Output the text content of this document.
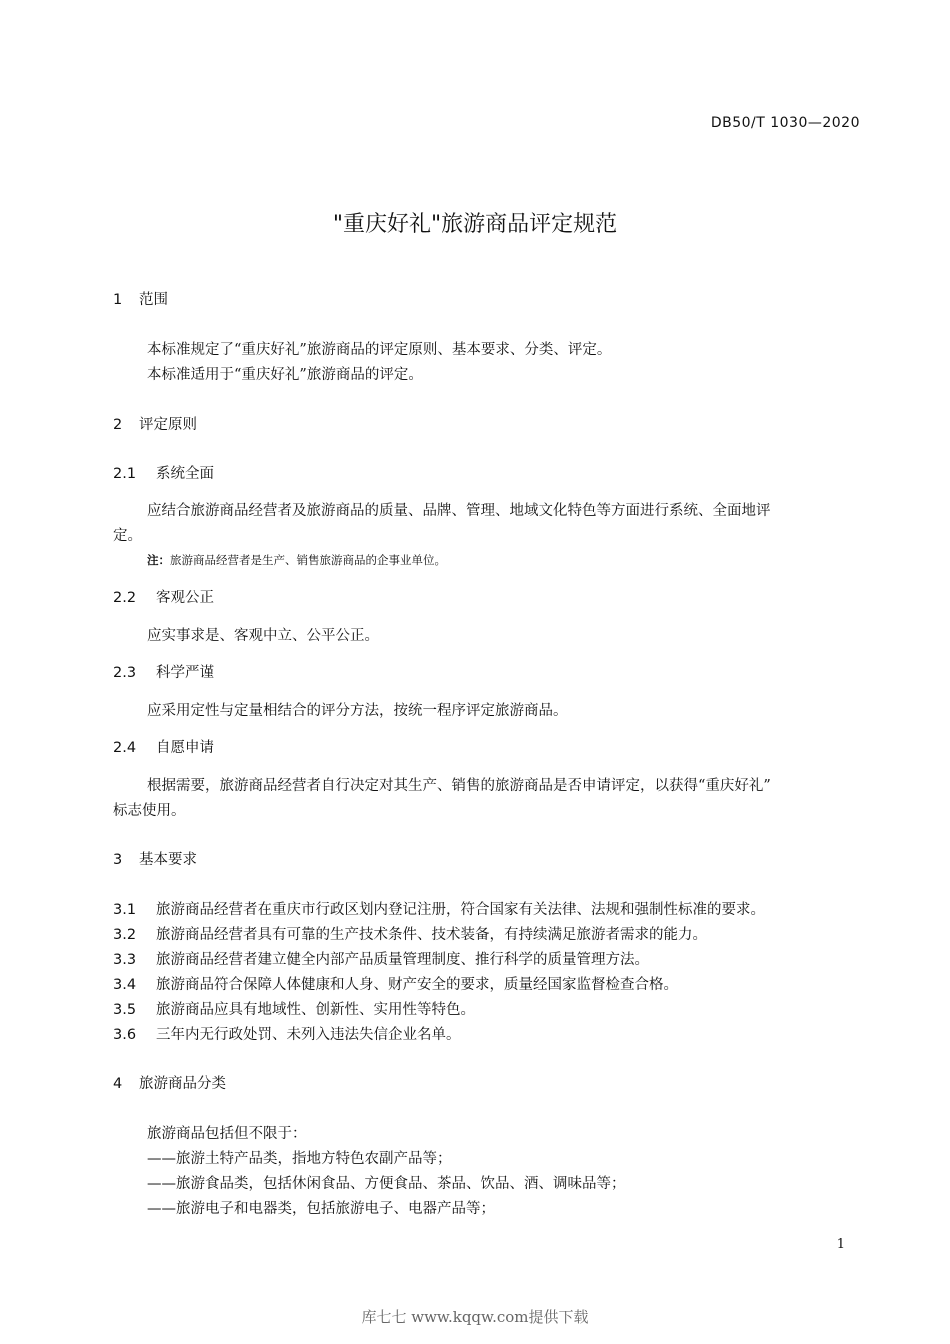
DB50/T 1030—2020
"重庆好礼"旅游商品评定规范
1 范围
本标准规定了“重庆好礼”旅游商品的评定原则、基本要求、分类、评定。
本标准适用于“重庆好礼”旅游商品的评定。
2 评定原则
2.1 系统全面
应结合旅游商品经营者及旅游商品的质量、品牌、管理、地域文化特色等方面进行系统、全面地评
定。
注：旅游商品经营者是生产、销售旅游商品的企事业单位。
2.2 客观公正
应实事求是、客观中立、公平公正。
2.3 科学严谨
应采用定性与定量相结合的评分方法，按统一程序评定旅游商品。
2.4 自愿申请
根据需要，旅游商品经营者自行决定对其生产、销售的旅游商品是否申请评定，以获得“重庆好礼”
标志使用。
3 基本要求
3.1 旅游商品经营者在重庆市行政区划内登记注册，符合国家有关法律、法规和强制性标准的要求。
3.2 旅游商品经营者具有可靠的生产技术条件、技术装备，有持续满足旅游者需求的能力。
3.3 旅游商品经营者建立健全内部产品质量管理制度、推行科学的质量管理方法。
3.4 旅游商品符合保障人体健康和人身、财产安全的要求，质量经国家监督检查合格。
3.5 旅游商品应具有地域性、创新性、实用性等特色。
3.6 三年内无行政处罚、未列入违法失信企业名单。
4 旅游商品分类
旅游商品包括但不限于：
——旅游土特产品类，指地方特色农副产品等；
——旅游食品类，包括休闲食品、方便食品、茶品、饮品、酒、调味品等；
——旅游电子和电器类，包括旅游电子、电器产品等；
1
库七七 www.kqqw.com提供下载
